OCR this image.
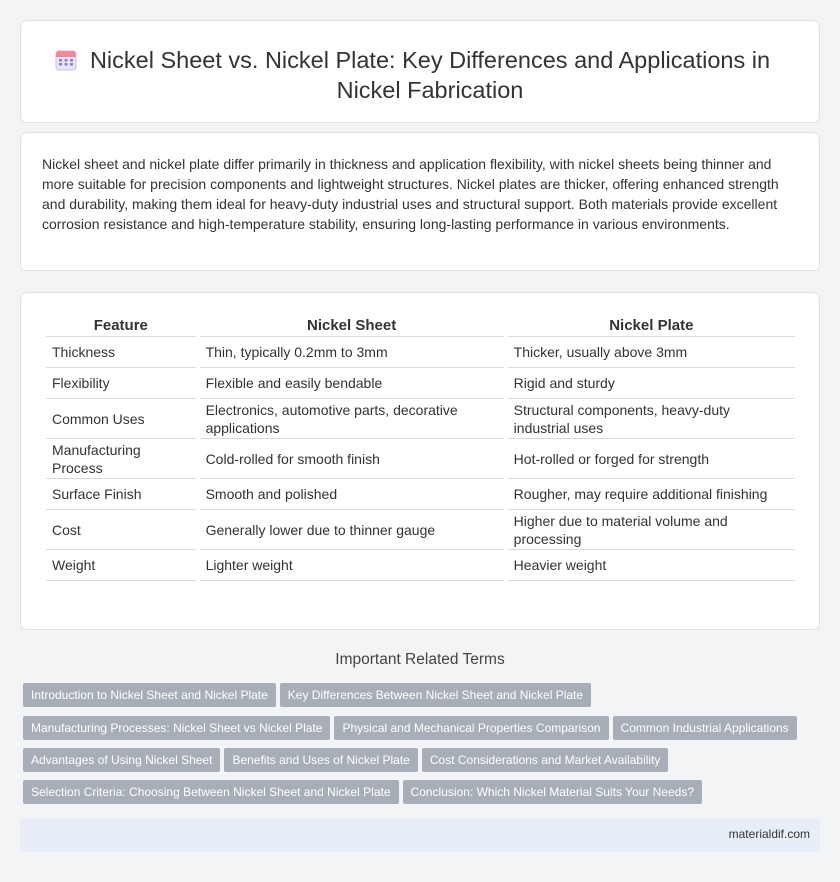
Nickel Sheet vs. Nickel Plate: Key Differences and Applications in Nickel Fabrication

Nickel sheet and nickel plate differ primarily in thickness and application flexibility, with nickel sheets being thinner and more suitable for precision components and lightweight structures. Nickel plates are thicker, offering enhanced strength and durability, making them ideal for heavy-duty industrial uses and structural support. Both materials provide excellent corrosion resistance and high-temperature stability, ensuring long-lasting performance in various environments.

Feature	Nickel Sheet	Nickel Plate
Thickness	Thin, typically 0.2mm to 3mm	Thicker, usually above 3mm
Flexibility	Flexible and easily bendable	Rigid and sturdy
Common Uses	Electronics, automotive parts, decorative applications	Structural components, heavy-duty industrial uses
Manufacturing Process	Cold-rolled for smooth finish	Hot-rolled or forged for strength
Surface Finish	Smooth and polished	Rougher, may require additional finishing
Cost	Generally lower due to thinner gauge	Higher due to material volume and processing
Weight	Lighter weight	Heavier weight
Important Related Terms
Introduction to Nickel Sheet and Nickel Plate Key Differences Between Nickel Sheet and Nickel Plate
Manufacturing Processes: Nickel Sheet vs Nickel Plate Physical and Mechanical Properties Comparison Common Industrial Applications
Advantages of Using Nickel Sheet Benefits and Uses of Nickel Plate Cost Considerations and Market Availability
Selection Criteria: Choosing Between Nickel Sheet and Nickel Plate Conclusion: Which Nickel Material Suits Your Needs?
materialdif.com
